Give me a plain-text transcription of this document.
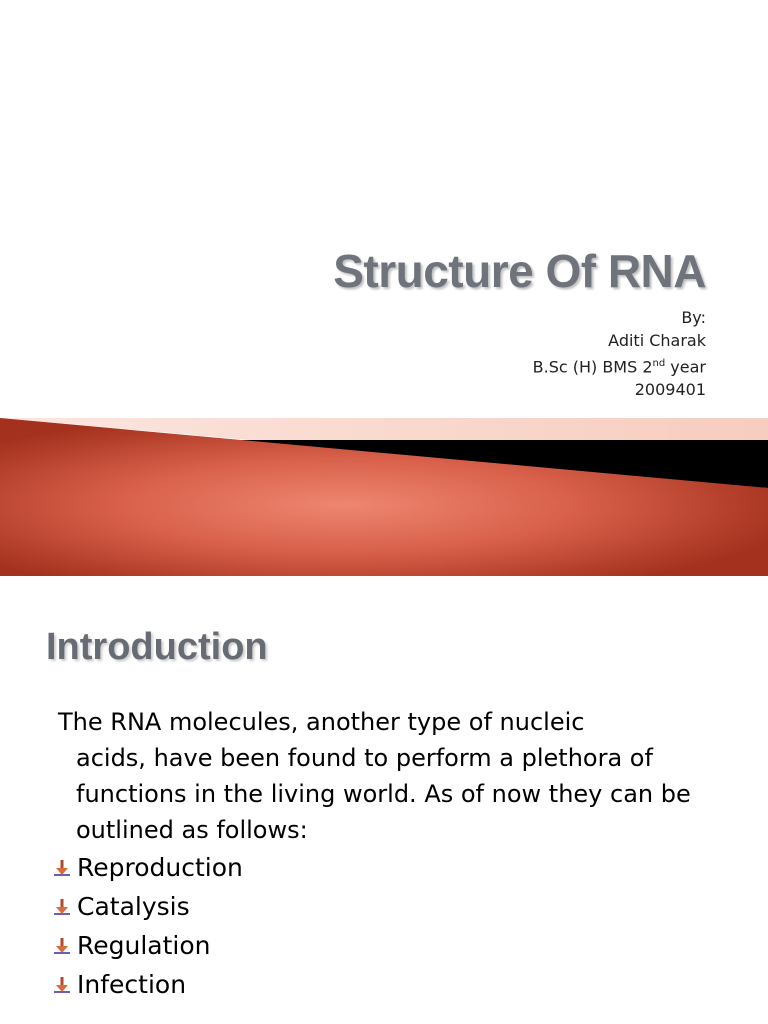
Structure Of RNA
By:
Aditi Charak
B.Sc (H) BMS 2nd year
2009401
Introduction

The RNA molecules, another type of nucleic
acids, have been found to perform a plethora of functions in the living world. As of now they can be outlined as follows:

Reproduction
Catalysis
Regulation
Infection
